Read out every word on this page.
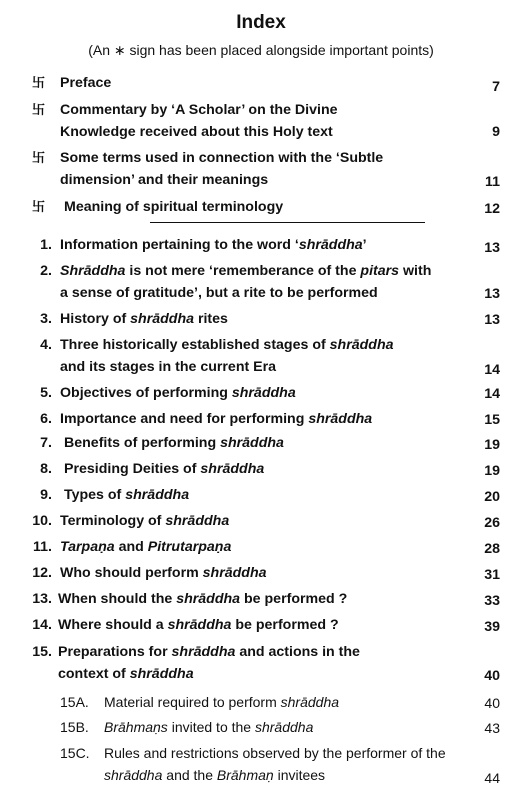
Index
(An ∗ sign has been placed alongside important points)
卐 Preface	7
卐 Commentary by ‘A Scholar’ on the Divine
Knowledge received about this Holy text	9
卐 Some terms used in connection with the ‘Subtle
dimension’ and their meanings	11
卐 Meaning of spiritual terminology	12
1. Information pertaining to the word ‘shrāddha’	13
2. Shrāddha is not mere ‘rememberance of the pitars with
a sense of gratitude’, but a rite to be performed	13
3. History of shrāddha rites	13
4. Three historically established stages of shrāddha
and its stages in the current Era	14
5. Objectives of performing shrāddha	14
6. Importance and need for performing shrāddha	15
7. Benefits of performing shrāddha	19
8. Presiding Deities of shrāddha	19
9. Types of shrāddha	20
10. Terminology of shrāddha	26
11. Tarpaṇa and Pitrutarpaṇa	28
12. Who should perform shrāddha	31
13. When should the shrāddha be performed ?	33
14. Where should a shrāddha be performed ?	39
15. Preparations for shrāddha and actions in the
context of shrāddha	40
15A.	Material required to perform shrāddha	40
15B.	Brāhmaṇs invited to the shrāddha	43
15C.	Rules and restrictions observed by the performer of the
shrāddha and the Brāhmaṇ invitees	44
